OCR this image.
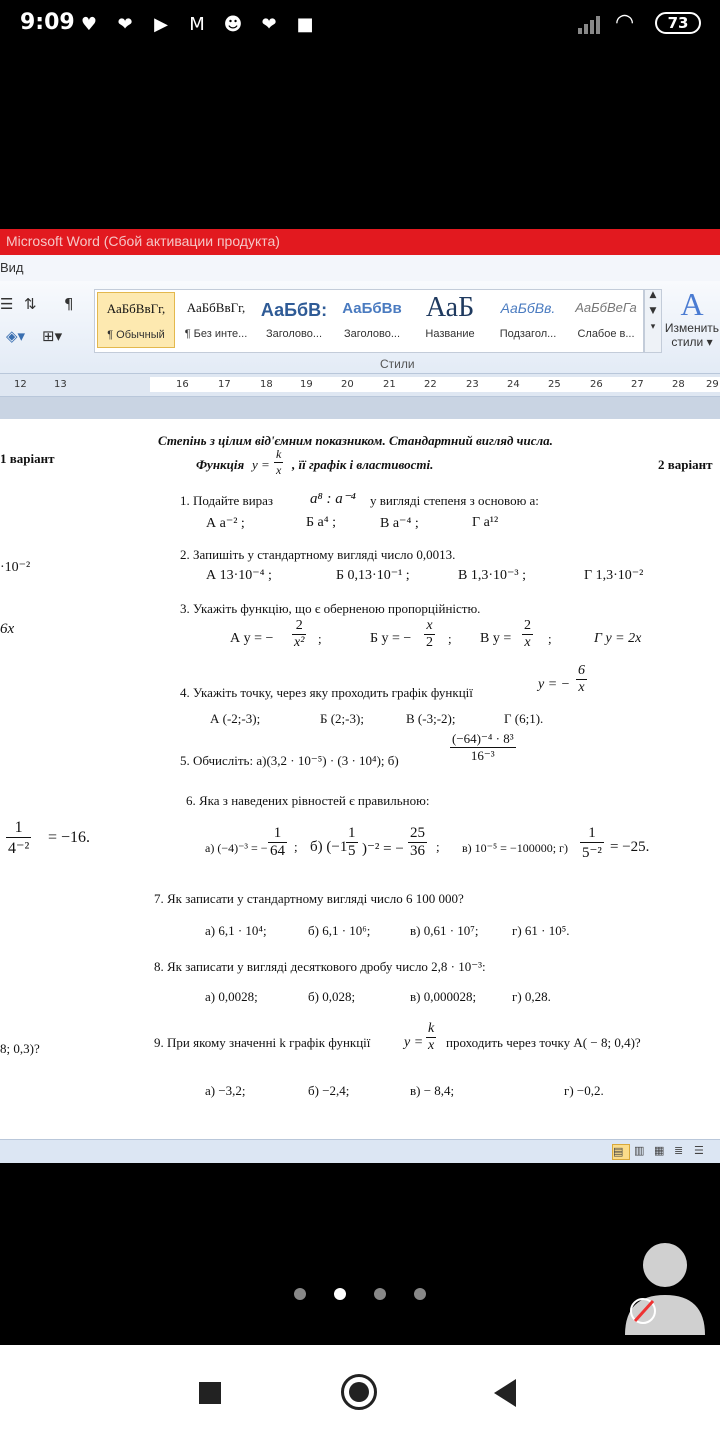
9:09 ♥	❤	▶	M ☻	❤	■	◠	73
Microsoft Word (Сбой активации продукта)
Вид
☰ ⇅ ¶
◈▾ ⊞▾
АаБбВвГг,
¶ Обычный
АаБбВвГг,
¶ Без инте...
АаБбВ:
Заголово...
АаБбВв
Заголово...
АаБ
Название
АаБбВв.
Подзагол...
АаБбВеГа
Слабое в...
▲
▼
▾
A
Изменить
стили ▾
Стили
12	13	16	17	18	19	20	21	22	23	24	25	26	27	28 29
Степінь з цілим від'ємним показником. Стандартний вигляд числа.
Функція $y = \frac{k}{x}$ , її графік і властивості.
1 варіант	2 варіант
·10⁻²
6x
$\frac{1}{\text{4⁻²}} = -16$.
8; 0,3)?
1. Подайте вираз a⁸ : a⁻⁴ у вигляді степеня з основою a:
А a⁻² ;	Б a⁴ ;	В a⁻⁴ ;	Г a¹²
2. Запишіть у стандартному вигляді число 0,0013.
А 13·10⁻⁴ ;	Б 0,13·10⁻¹ ;	В 1,3·10⁻³ ;	Г 1,3·10⁻²
3. Укажіть функцію, що є оберненою пропорційністю.
А y = − $\frac{2}{\text{x²}}$ ;	Б y = − $\frac{x}{2}$ ; В $y = \frac{2}{x}$ ;	Г y = 2x
4. Укажіть точку, через яку проходить графік функції
y = − $\frac{6}{x}$
А (-2;-3);	Б (2;-3);	В (-3;-2);	Г (6;1).
5. Обчисліть: а)(3,2 · 10⁻⁵) · (3 · 10⁴); б)	$\frac{\text{(−64)⁻⁴ · 8³}}{\text{16⁻³}}$
6. Яка з наведених рівностей є правильною:
а) (−4)⁻³ = − $\frac{1}{64}$ ; б) (−1
$\frac{1}{5} )^{-2}$ = − $\frac{25}{36}$ ; в) 10⁻⁵ = −100000; $г) \frac{1}{\text{5⁻²}} = -25$.
7. Як записати у стандартному вигляді число 6 100 000?
а) 6,1 · 10⁴;	б) 6,1 · 10⁶;	в) 0,61 · 10⁷;	г) 61 · 10⁵.
8. Як записати у вигляді десяткового дробу число 2,8 · 10⁻³:
а) 0,0028;	б) 0,028;	в) 0,000028;	г) 0,28.
9. При якому значенні k графік функції $y = \frac{k}{x}$ проходить через точку A( − 8; 0,4)?
а) −3,2;	б) −2,4;	в) − 8,4;	г) −0,2.
▤ ▥ ▦ ≣ ☰
